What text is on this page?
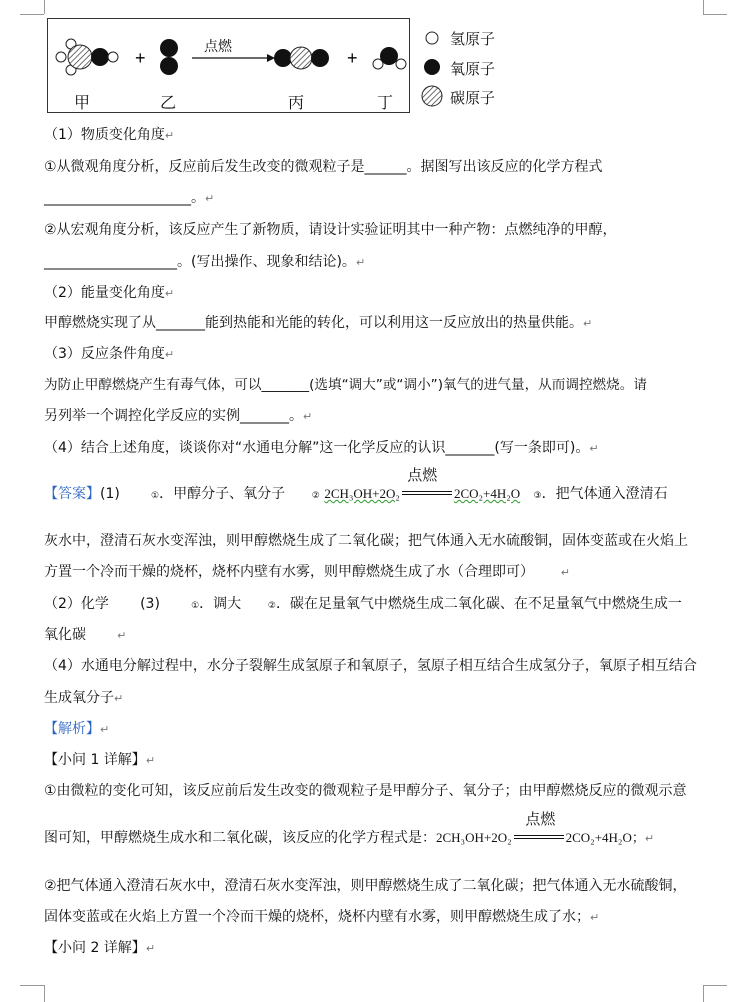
+	+
点燃
甲	乙	丙	丁
氢原子
氧原子
碳原子
（1）物质变化角度↵
①从微观角度分析，反应前后发生改变的微观粒子是______。据图写出该反应的化学方程式
_____________________。↵
②从宏观角度分析，该反应产生了新物质，请设计实验证明其中一种产物：点燃纯净的甲醇，
___________________。(写出操作、现象和结论)。↵
（2）能量变化角度↵
甲醇燃烧实现了从_______能到热能和光能的转化，可以利用这一反应放出的热量供能。↵
（3）反应条件角度↵
为防止甲醇燃烧产生有毒气体，可以_______(选填“调大”或“调小”)氧气的进气量，从而调控燃烧。请
另列举一个调控化学反应的实例_______。↵
（4）结合上述角度，谈谈你对“水通电分解”这一化学反应的认识_______(写一条即可)。↵
【答案】(1)	①．甲醇分子、氧分子	② 2CH₃OH+2O₂
点燃
2CO₂+4H₂O ③．把气体通入澄清石
灰水中，澄清石灰水变浑浊，则甲醇燃烧生成了二氧化碳；把气体通入无水硫酸铜，固体变蓝或在火焰上
方置一个冷而干燥的烧杯，烧杯内壁有水雾，则甲醇燃烧生成了水（合理即可） ↵
（2）化学 (3)	①．调大	②．碳在足量氧气中燃烧生成二氧化碳、在不足量氧气中燃烧生成一
氧化碳	↵
（4）水通电分解过程中，水分子裂解生成氢原子和氧原子，氢原子相互结合生成氢分子，氧原子相互结合
生成氧分子↵
【解析】↵
【小问 1 详解】↵
①由微粒的变化可知，该反应前后发生改变的微观粒子是甲醇分子、氧分子；由甲醇燃烧反应的微观示意
图可知，甲醇燃烧生成水和二氧化碳，该反应的化学方程式是：2CH₃OH+2O₂
点燃
2CO₂+4H₂O；↵
②把气体通入澄清石灰水中，澄清石灰水变浑浊，则甲醇燃烧生成了二氧化碳；把气体通入无水硫酸铜，
固体变蓝或在火焰上方置一个冷而干燥的烧杯，烧杯内壁有水雾，则甲醇燃烧生成了水；↵
【小问 2 详解】↵
